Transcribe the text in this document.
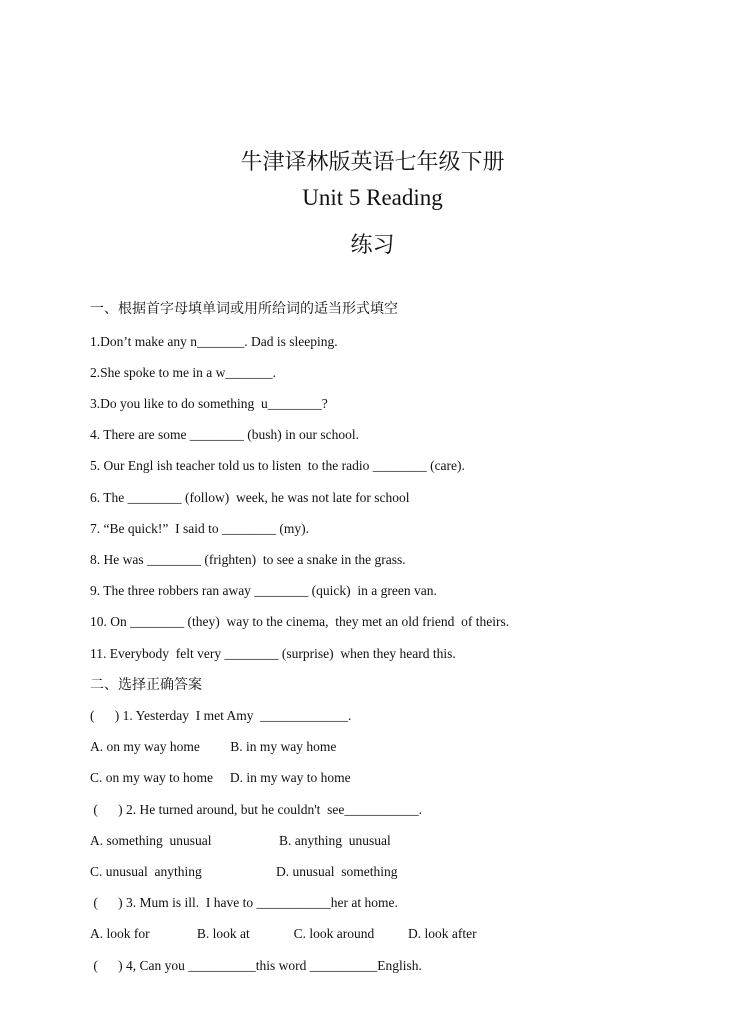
牛津译林版英语七年级下册
Unit 5 Reading
练习
一、根据首字母填单词或用所给词的适当形式填空
1.Don’t make any n_______. Dad is sleeping.
2.She spoke to me in a w_______.
3.Do you like to do something  u________?
4. There are some ________ (bush) in our school.
5. Our Engl ish teacher told us to listen  to the radio ________ (care).
6. The ________ (follow)  week, he was not late for school
7. “Be quick!”  I said to ________ (my).
8. He was ________ (frighten)  to see a snake in the grass.
9. The three robbers ran away ________ (quick)  in a green van.
10. On ________ (they)  way to the cinema,  they met an old friend  of theirs.
11. Everybody  felt very ________ (surprise)  when they heard this.
二、选择正确答案
(      ) 1. Yesterday  I met Amy  _____________.
A. on my way home         B. in my way home
C. on my way to home     D. in my way to home
(      ) 2. He turned around, but he couldn't  see___________.
A. something  unusual                    B. anything  unusual
C. unusual  anything                      D. unusual  something
(      ) 3. Mum is ill.  I have to ___________her at home.
A. look for              B. look at             C. look around          D. look after
(      ) 4, Can you __________this word __________English.
